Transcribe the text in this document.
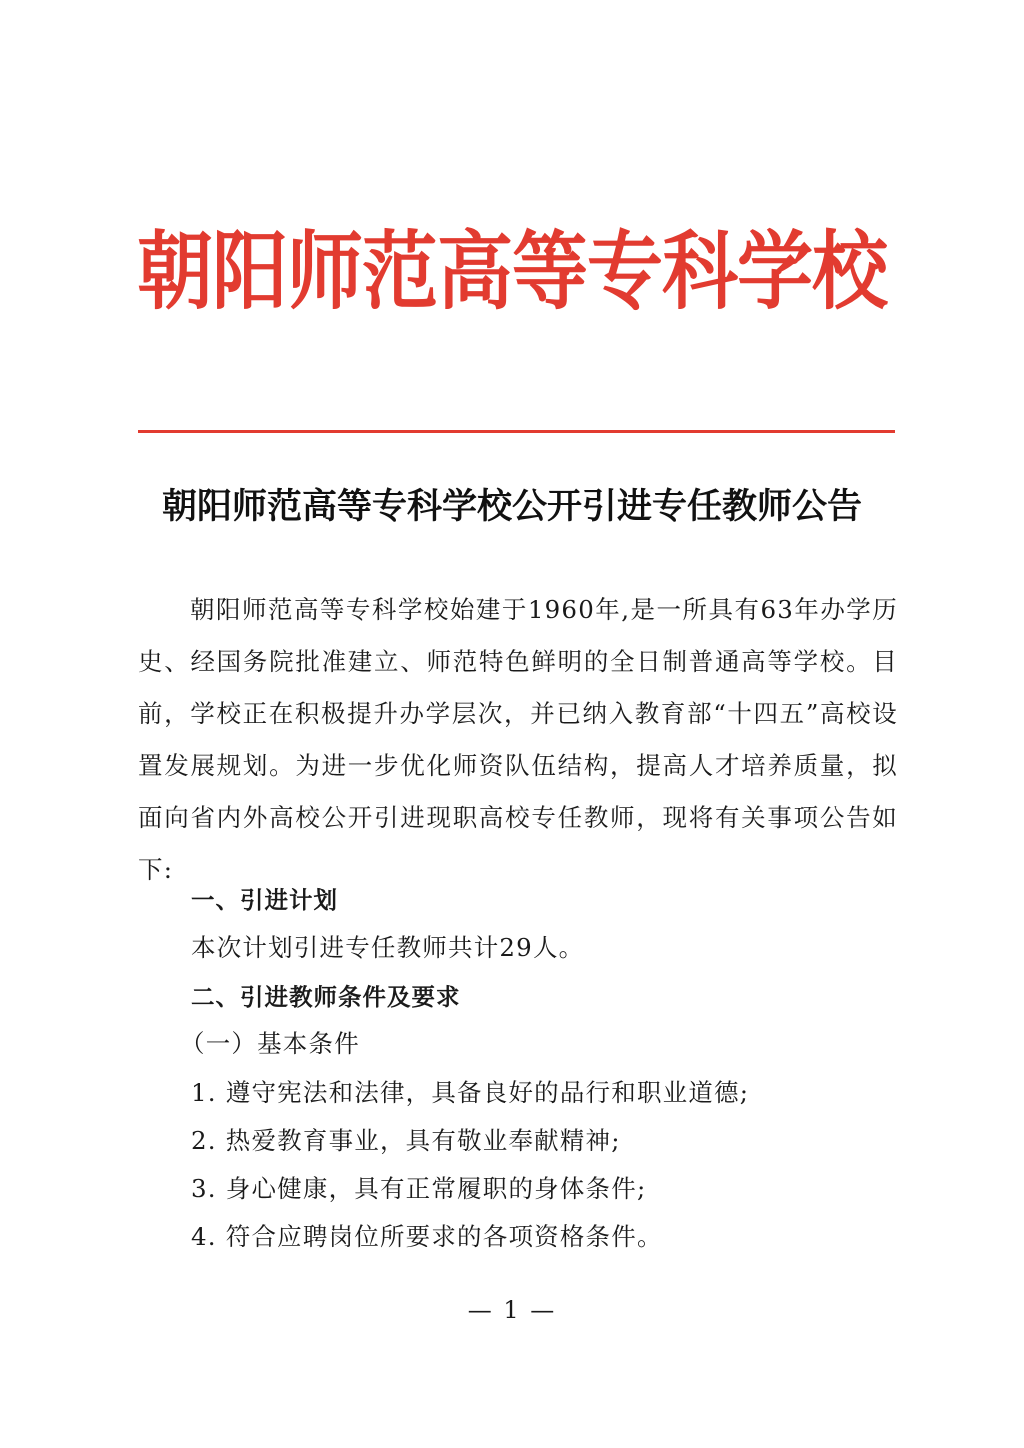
朝阳师范高等专科学校
朝阳师范高等专科学校公开引进专任教师公告
朝阳师范高等专科学校始建于1960年,是一所具有63年办学历史、经国务院批准建立、师范特色鲜明的全日制普通高等学校。目前，学校正在积极提升办学层次，并已纳入教育部“十四五”高校设置发展规划。为进一步优化师资队伍结构，提高人才培养质量，拟面向省内外高校公开引进现职高校专任教师，现将有关事项公告如下:
一、引进计划
本次计划引进专任教师共计29人。
二、引进教师条件及要求
（一）基本条件
1. 遵守宪法和法律，具备良好的品行和职业道德;
2. 热爱教育事业，具有敬业奉献精神;
3. 身心健康，具有正常履职的身体条件;
4. 符合应聘岗位所要求的各项资格条件。
— 1 —
